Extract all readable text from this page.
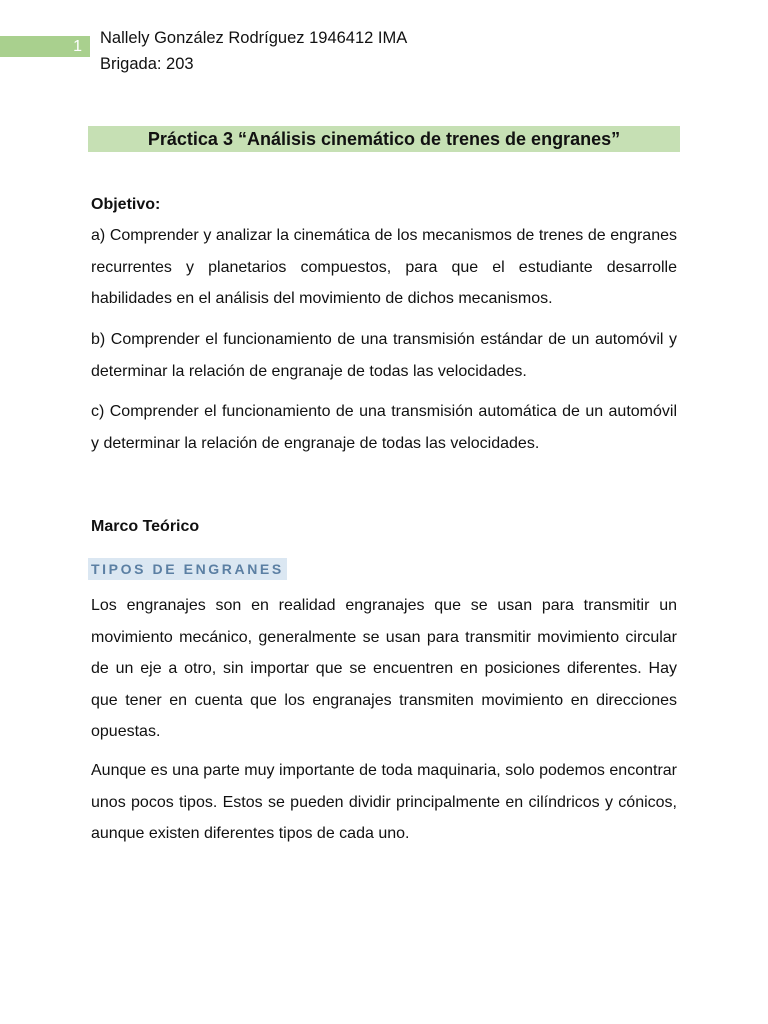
1 Nallely González Rodríguez 1946412 IMA
Brigada: 203
Práctica 3 “Análisis cinemático de trenes de engranes”
Objetivo:
a) Comprender y analizar la cinemática de los mecanismos de trenes de engranes recurrentes y planetarios compuestos, para que el estudiante desarrolle habilidades en el análisis del movimiento de dichos mecanismos.
b) Comprender el funcionamiento de una transmisión estándar de un automóvil y determinar la relación de engranaje de todas las velocidades.
c) Comprender el funcionamiento de una transmisión automática de un automóvil y determinar la relación de engranaje de todas las velocidades.
Marco Teórico
TIPOS DE ENGRANES
Los engranajes son en realidad engranajes que se usan para transmitir un movimiento mecánico, generalmente se usan para transmitir movimiento circular de un eje a otro, sin importar que se encuentren en posiciones diferentes. Hay que tener en cuenta que los engranajes transmiten movimiento en direcciones opuestas.
Aunque es una parte muy importante de toda maquinaria, solo podemos encontrar unos pocos tipos. Estos se pueden dividir principalmente en cilíndricos y cónicos, aunque existen diferentes tipos de cada uno.
